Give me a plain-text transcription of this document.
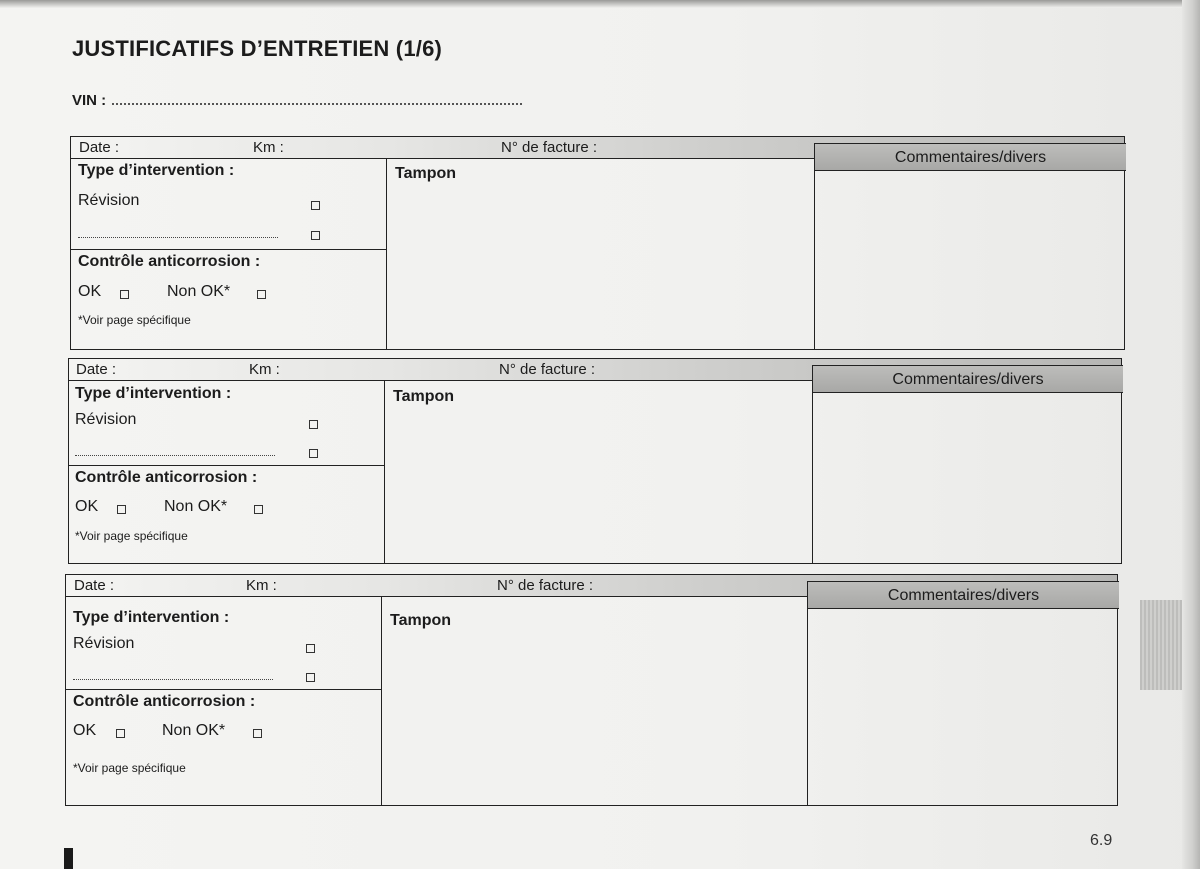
JUSTIFICATIFS D’ENTRETIEN (1/6)
VIN :
Date :	Km :	N° de facture :
Commentaires/divers
Type d’intervention :
Révision
Tampon
Contrôle anticorrosion :
OK	Non OK*
*Voir page spécifique
Date :	Km :	N° de facture :
Commentaires/divers
Type d’intervention :
Révision
Tampon
Contrôle anticorrosion :
OK	Non OK*
*Voir page spécifique
Date :	Km :	N° de facture :
Commentaires/divers
Type d’intervention :
Révision
Tampon
Contrôle anticorrosion :
OK	Non OK*
*Voir page spécifique
6.9
